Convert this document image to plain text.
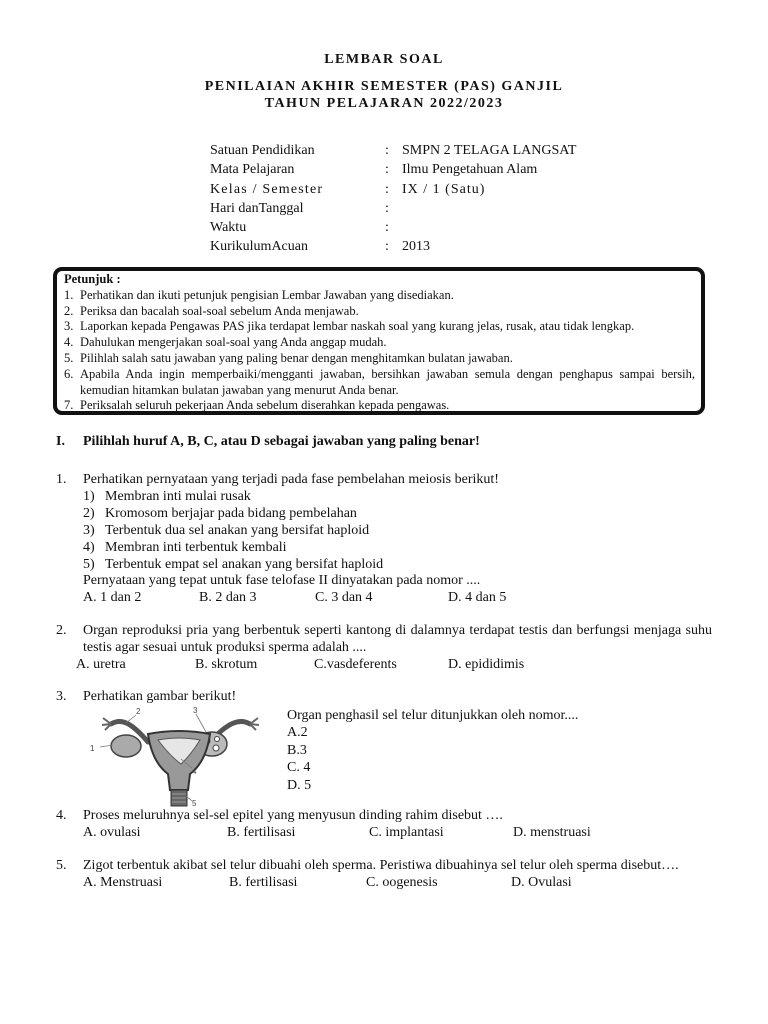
LEMBAR SOAL
PENILAIAN AKHIR SEMESTER (PAS) GANJIL
TAHUN PELAJARAN 2022/2023
Satuan Pendidikan	: SMPN 2 TELAGA LANGSAT
Mata Pelajaran	: Ilmu Pengetahuan Alam
Kelas / Semester	: IX / 1 (Satu)
Hari danTanggal	:
Waktu	:
KurikulumAcuan	: 2013
Petunjuk :
1. Perhatikan dan ikuti petunjuk pengisian Lembar Jawaban yang disediakan.
2. Periksa dan bacalah soal-soal sebelum Anda menjawab.
3. Laporkan kepada Pengawas PAS jika terdapat lembar naskah soal yang kurang jelas, rusak, atau tidak lengkap.
4. Dahulukan mengerjakan soal-soal yang Anda anggap mudah.
5. Pilihlah salah satu jawaban yang paling benar dengan menghitamkan bulatan jawaban.
6. Apabila Anda ingin memperbaiki/mengganti jawaban, bersihkan jawaban semula dengan penghapus sampai bersih, kemudian hitamkan bulatan jawaban yang menurut Anda benar.
7. Periksalah seluruh pekerjaan Anda sebelum diserahkan kepada pengawas.
I. Pilihlah huruf A, B, C, atau D sebagai jawaban yang paling benar!
1.	Perhatikan pernyataan yang terjadi pada fase pembelahan meiosis berikut!
1) Membran inti mulai rusak
2) Kromosom berjajar pada bidang pembelahan
3) Terbentuk dua sel anakan yang bersifat haploid
4) Membran inti terbentuk kembali
5) Terbentuk empat sel anakan yang bersifat haploid
Pernyataan yang tepat untuk fase telofase II dinyatakan pada nomor ....
A. 1 dan 2	B. 2 dan 3	C. 3 dan 4	D. 4 dan 5
2.	Organ reproduksi pria yang berbentuk seperti kantong di dalamnya terdapat testis dan berfungsi menjaga suhu testis agar sesuai untuk produksi sperma adalah ....
A. uretra	B. skrotum	C.vasdeferents	D. epididimis
3.	Perhatikan gambar berikut!
1
2	3
4
5
Organ penghasil sel telur ditunjukkan oleh nomor....
A.2
B.3
C. 4
D. 5
4.	Proses meluruhnya sel-sel epitel yang menyusun dinding rahim disebut ….
A. ovulasi	B. fertilisasi	C. implantasi	D. menstruasi
5.	Zigot terbentuk akibat sel telur dibuahi oleh sperma. Peristiwa dibuahinya sel telur oleh sperma disebut….
A. Menstruasi	B. fertilisasi	C. oogenesis	D. Ovulasi
